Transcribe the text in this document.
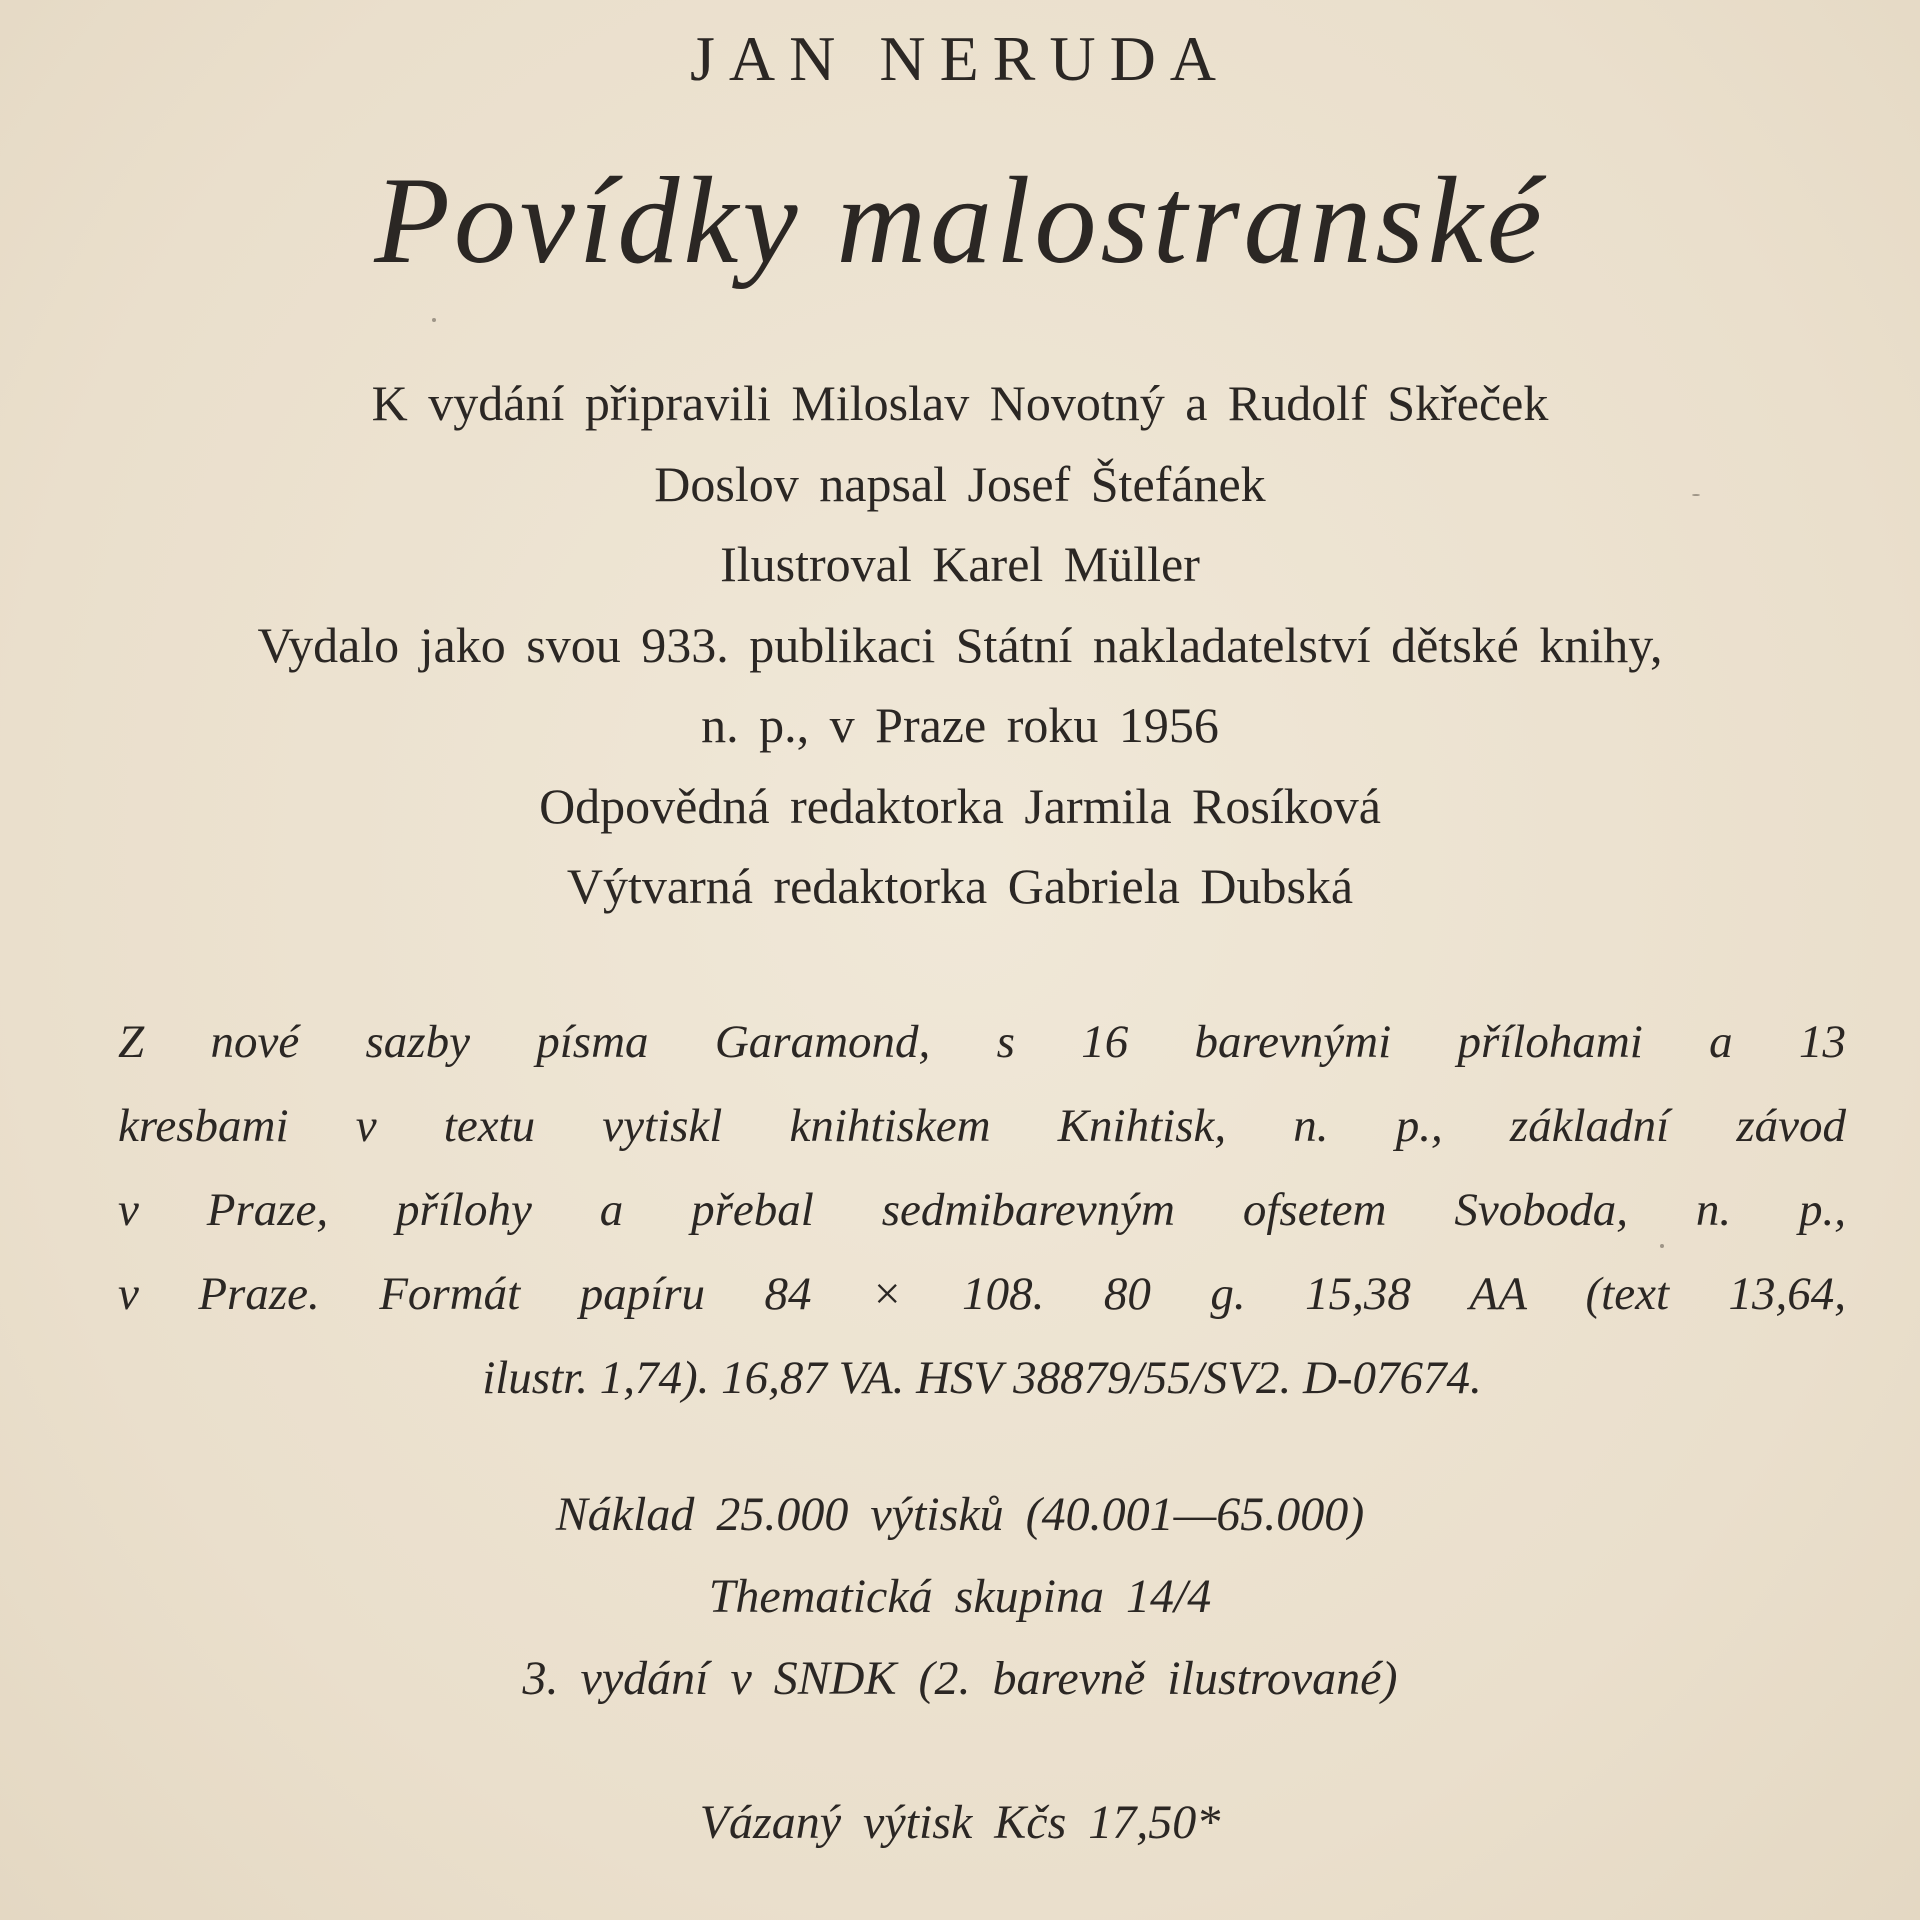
JAN NERUDA
Povídky malostranské
K vydání připravili Miloslav Novotný a Rudolf Skřeček
Doslov napsal Josef Štefánek
Ilustroval Karel Müller
Vydalo jako svou 933. publikaci Státní nakladatelství dětské knihy,
n. p., v Praze roku 1956
Odpovědná redaktorka Jarmila Rosíková
Výtvarná redaktorka Gabriela Dubská
Z nové sazby písma Garamond, s 16 barevnými přílohami a 13
kresbami v textu vytiskl knihtiskem Knihtisk, n. p., základní závod
v Praze, přílohy a přebal sedmibarevným ofsetem Svoboda, n. p.,
v Praze. Formát papíru 84 × 108. 80 g. 15,38 AA (text 13,64,
ilustr. 1,74). 16,87 VA. HSV 38879/55/SV2. D-07674.
Náklad 25.000 výtisků (40.001—65.000)
Thematická skupina 14/4
3. vydání v SNDK (2. barevně ilustrované)
Vázaný výtisk Kčs 17,50*
